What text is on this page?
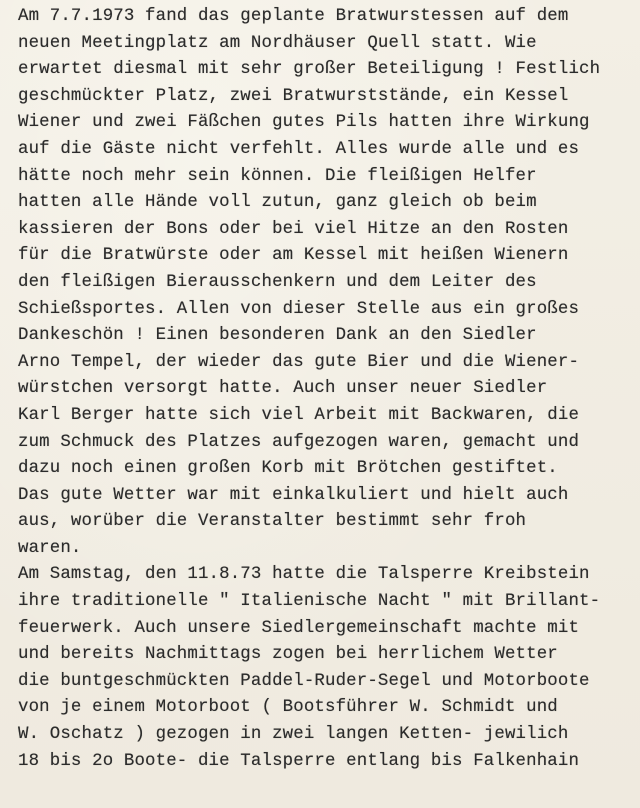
Am 7.7.1973 fand das geplante Bratwurstessen auf dem
neuen Meetingplatz am Nordhäuser Quell statt. Wie
erwartet diesmal mit sehr großer Beteiligung ! Festlich
geschmückter Platz, zwei Bratwurststände, ein Kessel
Wiener und zwei Fäßchen gutes Pils hatten ihre Wirkung
auf die Gäste nicht verfehlt. Alles wurde alle und es
hätte noch mehr sein können. Die fleißigen Helfer
hatten alle Hände voll zutun, ganz gleich ob beim
kassieren der Bons oder bei viel Hitze an den Rosten
für die Bratwürste oder am Kessel mit heißen Wienern
den fleißigen Bierausschenkern und dem Leiter des
Schießsportes. Allen von dieser Stelle aus ein großes
Dankeschön ! Einen besonderen Dank an den Siedler
Arno Tempel, der wieder das gute Bier und die Wiener-
würstchen versorgt hatte. Auch unser neuer Siedler
Karl Berger hatte sich viel Arbeit mit Backwaren, die
zum Schmuck des Platzes aufgezogen waren, gemacht und
dazu noch einen großen Korb mit Brötchen gestiftet.
Das gute Wetter war mit einkalkuliert und hielt auch
aus, worüber die Veranstalter bestimmt sehr froh
waren.
Am Samstag, den 11.8.73 hatte die Talsperre Kreibstein
ihre traditionelle " Italienische Nacht " mit Brillant-
feuerwerk. Auch unsere Siedlergemeinschaft machte mit
und bereits Nachmittags zogen bei herrlichem Wetter
die buntgeschmückten Paddel-Ruder-Segel und Motorboote
von je einem Motorboot ( Bootsführer W. Schmidt und
W. Oschatz ) gezogen in zwei langen Ketten- jewilich
18 bis 2o Boote- die Talsperre entlang bis Falkenhain
